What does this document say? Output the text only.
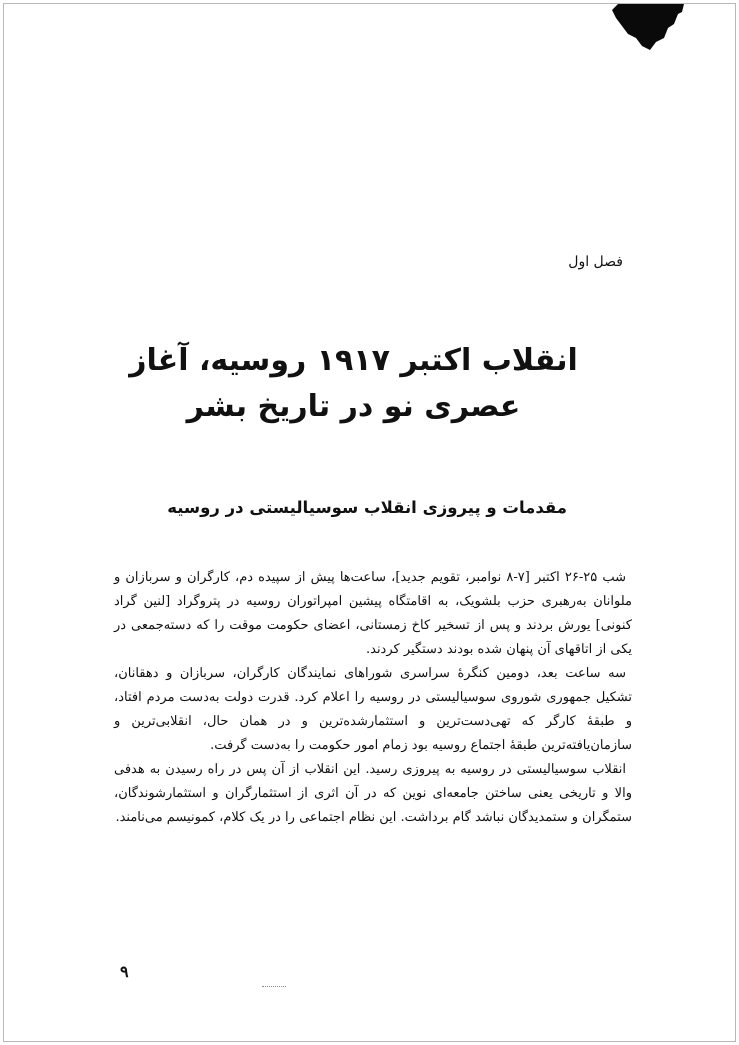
فصل اول
انقلاب اکتبر ۱۹۱۷ روسیه، آغاز عصری نو در تاریخ بشر
مقدمات و پیروزی انقلاب سوسیالیستی در روسیه

شب ۲۵-۲۶ اکتبر [۷-۸ نوامبر، تقویم جدید]، ساعت‌ها پیش از سپیده دم، کارگران و سربازان و ملوانان به‌رهبری حزب بلشویک، به اقامتگاه پیشین امپراتوران روسیه در پتروگراد [لنین گراد کنونی] یورش بردند و پس از تسخیر کاخ زمستانی، اعضای حکومت موقت را که دسته‌جمعی در یکی از اتاقهای آن پنهان شده بودند دستگیر کردند.

سه ساعت بعد، دومین کنگرهٔ سراسری شوراهای نمایندگان کارگران، سربازان و دهقانان، تشکیل جمهوری شوروی سوسیالیستی در روسیه را اعلام کرد. قدرت دولت به‌دست مردم افتاد، و طبقهٔ کارگر که تهی‌دست‌ترین و استثمارشده‌ترین و در همان حال، انقلابی‌ترین و سازمان‌یافته‌ترین طبقهٔ اجتماع روسیه بود زمام امور حکومت را به‌دست گرفت.

انقلاب سوسیالیستی در روسیه به پیروزی رسید. این انقلاب از آن پس در راه رسیدن به هدفی والا و تاریخی یعنی ساختن جامعه‌ای نوین که در آن اثری از استثمارگران و استثمارشوندگان، ستمگران و ستمدیدگان نباشد گام برداشت. این نظام اجتماعی را در یک کلام، کمونیسم می‌نامند.

۹
